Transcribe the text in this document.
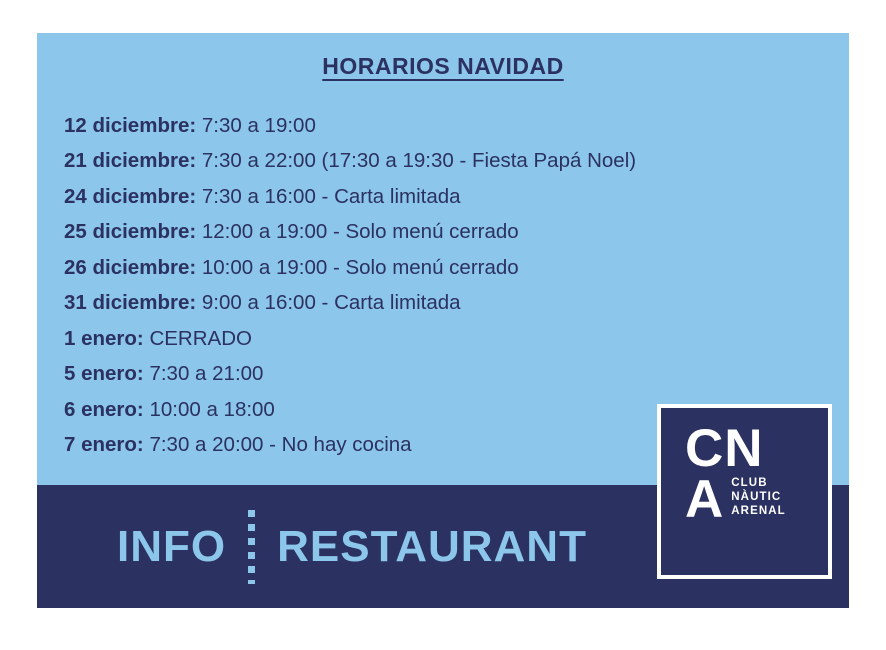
HORARIOS NAVIDAD
12 diciembre: 7:30 a 19:00
21 diciembre: 7:30 a 22:00 (17:30 a 19:30 - Fiesta Papá Noel)
24 diciembre: 7:30 a 16:00 - Carta limitada
25 diciembre: 12:00 a 19:00 - Solo menú cerrado
26 diciembre: 10:00 a 19:00 - Solo menú cerrado
31 diciembre: 9:00 a 16:00 - Carta limitada
1 enero: CERRADO
5 enero: 7:30 a 21:00
6 enero: 10:00 a 18:00
7 enero: 7:30 a 20:00 - No hay cocina
INFO RESTAURANT
CN
A CLUB
NÀUTIC
ARENAL
